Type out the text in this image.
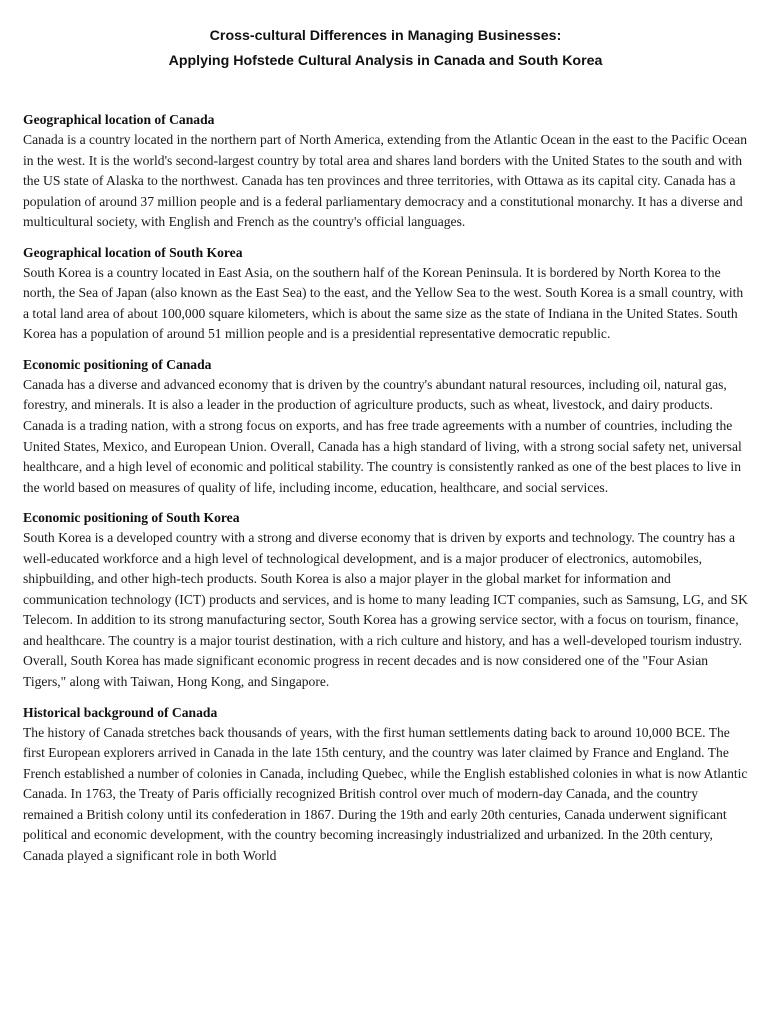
Cross-cultural Differences in Managing Businesses:
Applying Hofstede Cultural Analysis in Canada and South Korea
Geographical location of Canada

Canada is a country located in the northern part of North America, extending from the Atlantic Ocean in the east to the Pacific Ocean in the west. It is the world's second-largest country by total area and shares land borders with the United States to the south and with the US state of Alaska to the northwest. Canada has ten provinces and three territories, with Ottawa as its capital city. Canada has a population of around 37 million people and is a federal parliamentary democracy and a constitutional monarchy. It has a diverse and multicultural society, with English and French as the country's official languages.

Geographical location of South Korea

South Korea is a country located in East Asia, on the southern half of the Korean Peninsula. It is bordered by North Korea to the north, the Sea of Japan (also known as the East Sea) to the east, and the Yellow Sea to the west. South Korea is a small country, with a total land area of about 100,000 square kilometers, which is about the same size as the state of Indiana in the United States. South Korea has a population of around 51 million people and is a presidential representative democratic republic.

Economic positioning of Canada

Canada has a diverse and advanced economy that is driven by the country's abundant natural resources, including oil, natural gas, forestry, and minerals. It is also a leader in the production of agriculture products, such as wheat, livestock, and dairy products. Canada is a trading nation, with a strong focus on exports, and has free trade agreements with a number of countries, including the United States, Mexico, and European Union. Overall, Canada has a high standard of living, with a strong social safety net, universal healthcare, and a high level of economic and political stability. The country is consistently ranked as one of the best places to live in the world based on measures of quality of life, including income, education, healthcare, and social services.

Economic positioning of South Korea

South Korea is a developed country with a strong and diverse economy that is driven by exports and technology. The country has a well-educated workforce and a high level of technological development, and is a major producer of electronics, automobiles, shipbuilding, and other high-tech products. South Korea is also a major player in the global market for information and communication technology (ICT) products and services, and is home to many leading ICT companies, such as Samsung, LG, and SK Telecom. In addition to its strong manufacturing sector, South Korea has a growing service sector, with a focus on tourism, finance, and healthcare. The country is a major tourist destination, with a rich culture and history, and has a well-developed tourism industry. Overall, South Korea has made significant economic progress in recent decades and is now considered one of the "Four Asian Tigers," along with Taiwan, Hong Kong, and Singapore.

Historical background of Canada

The history of Canada stretches back thousands of years, with the first human settlements dating back to around 10,000 BCE. The first European explorers arrived in Canada in the late 15th century, and the country was later claimed by France and England. The French established a number of colonies in Canada, including Quebec, while the English established colonies in what is now Atlantic Canada. In 1763, the Treaty of Paris officially recognized British control over much of modern-day Canada, and the country remained a British colony until its confederation in 1867. During the 19th and early 20th centuries, Canada underwent significant political and economic development, with the country becoming increasingly industrialized and urbanized. In the 20th century, Canada played a significant role in both World
